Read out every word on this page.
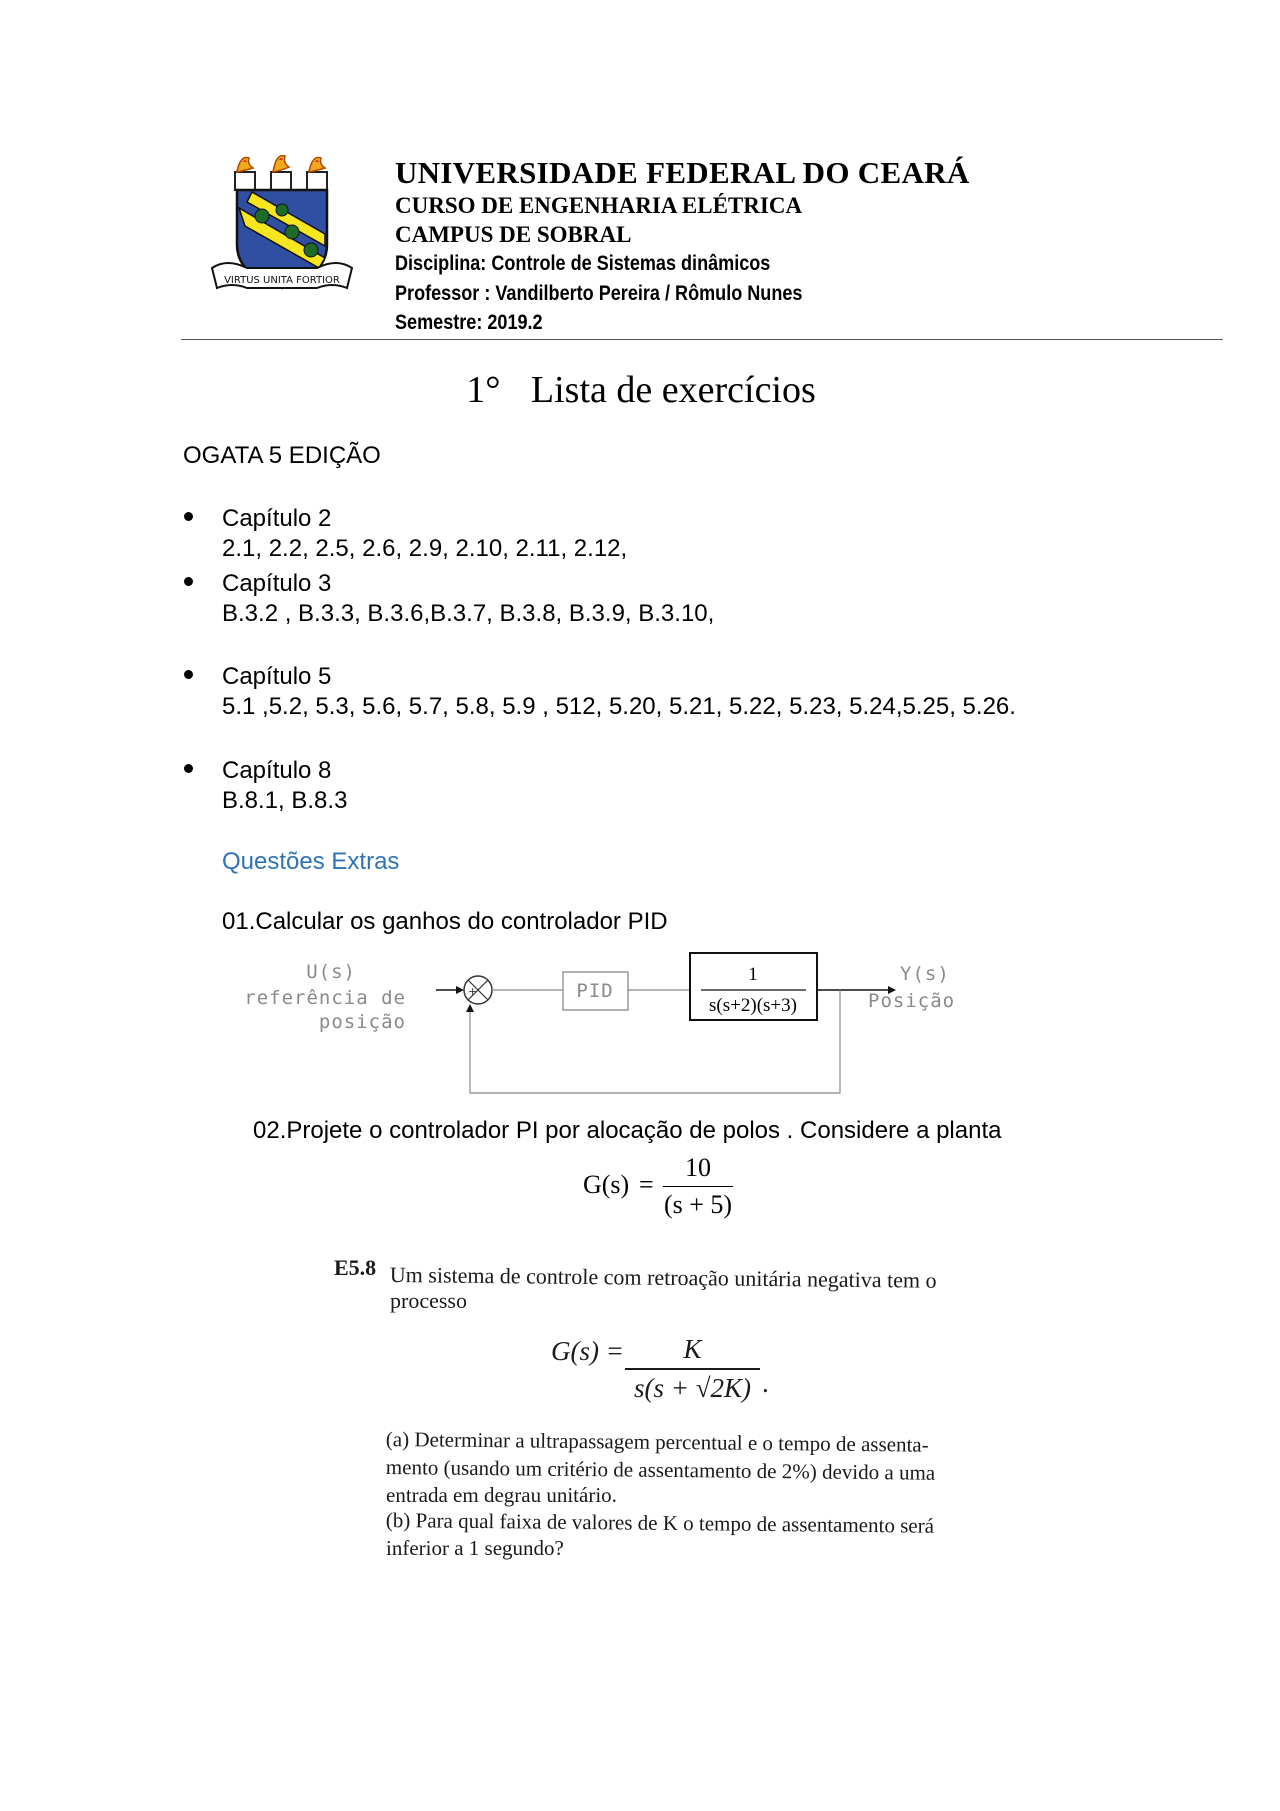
VIRTUS UNITA FORTIOR
UNIVERSIDADE FEDERAL DO CEARÁ
CURSO DE ENGENHARIA ELÉTRICA
CAMPUS DE SOBRAL
Disciplina: Controle de Sistemas dinâmicos
Professor : Vandilberto Pereira / Rômulo Nunes
Semestre: 2019.2
1° Lista de exercícios
OGATA 5 EDIÇÃO
Capítulo 2
2.1, 2.2, 2.5, 2.6, 2.9, 2.10, 2.11, 2.12,
Capítulo 3
B.3.2 , B.3.3, B.3.6,B.3.7, B.3.8, B.3.9, B.3.10,
Capítulo 5
5.1 ,5.2, 5.3, 5.6, 5.7, 5.8, 5.9 , 512, 5.20, 5.21, 5.22, 5.23, 5.24,5.25, 5.26.
Capítulo 8
B.8.1, B.8.3
Questões Extras
01.Calcular os ganhos do controlador PID
U(s)
referência de
posição
+
-
PID
1
s(s+2)(s+3)
Y(s)
Posição
02.Projete o controlador PI por alocação de polos . Considere a planta
G(s) =
10
(s + 5)
E5.8 Um sistema de controle com retroação unitária negativa tem o
processo
G(s) =	K
s(s + √2K) .
(a) Determinar a ultrapassagem percentual e o tempo de assenta-
mento (usando um critério de assentamento de 2%) devido a uma
entrada em degrau unitário.
(b) Para qual faixa de valores de K o tempo de assentamento será
inferior a 1 segundo?
